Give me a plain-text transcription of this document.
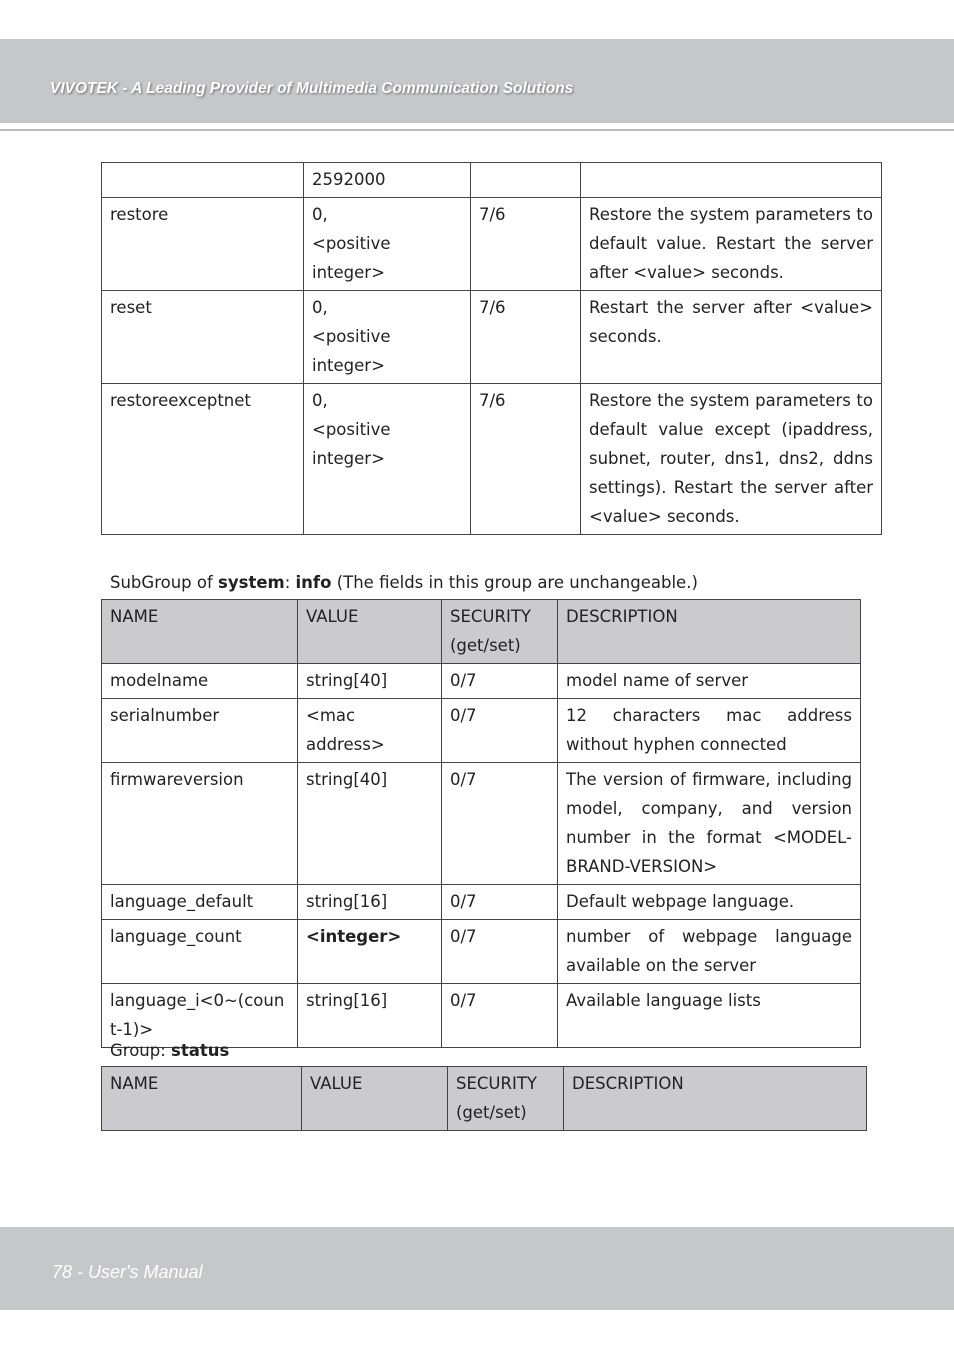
VIVOTEK - A Leading Provider of Multimedia Communication Solutions
	2592000		
restore	0,
<positive
integer>	7/6	Restore the system parameters to default value. Restart the server after <value> seconds.
reset	0,
<positive
integer>	7/6	Restart the server after <value> seconds.
restoreexceptnet	0,
<positive
integer>	7/6	Restore the system parameters to default value except (ipaddress, subnet, router, dns1, dns2, ddns settings). Restart the server after <value> seconds.
SubGroup of system: info (The fields in this group are unchangeable.)
NAME	VALUE	SECURITY (get/set)	DESCRIPTION
modelname	string[40]	0/7	model name of server
serialnumber	<mac
address>	0/7	12 characters mac address without hyphen connected
firmwareversion	string[40]	0/7	The version of firmware, including model, company, and version number in the format <MODEL-BRAND-VERSION>
language_default	string[16]	0/7	Default webpage language.
language_count	<integer>	0/7	number of webpage language available on the server
language_i<0~(count-1)>	string[16]	0/7	Available language lists
Group: status
NAME	VALUE	SECURITY (get/set)	DESCRIPTION
78 - User's Manual
